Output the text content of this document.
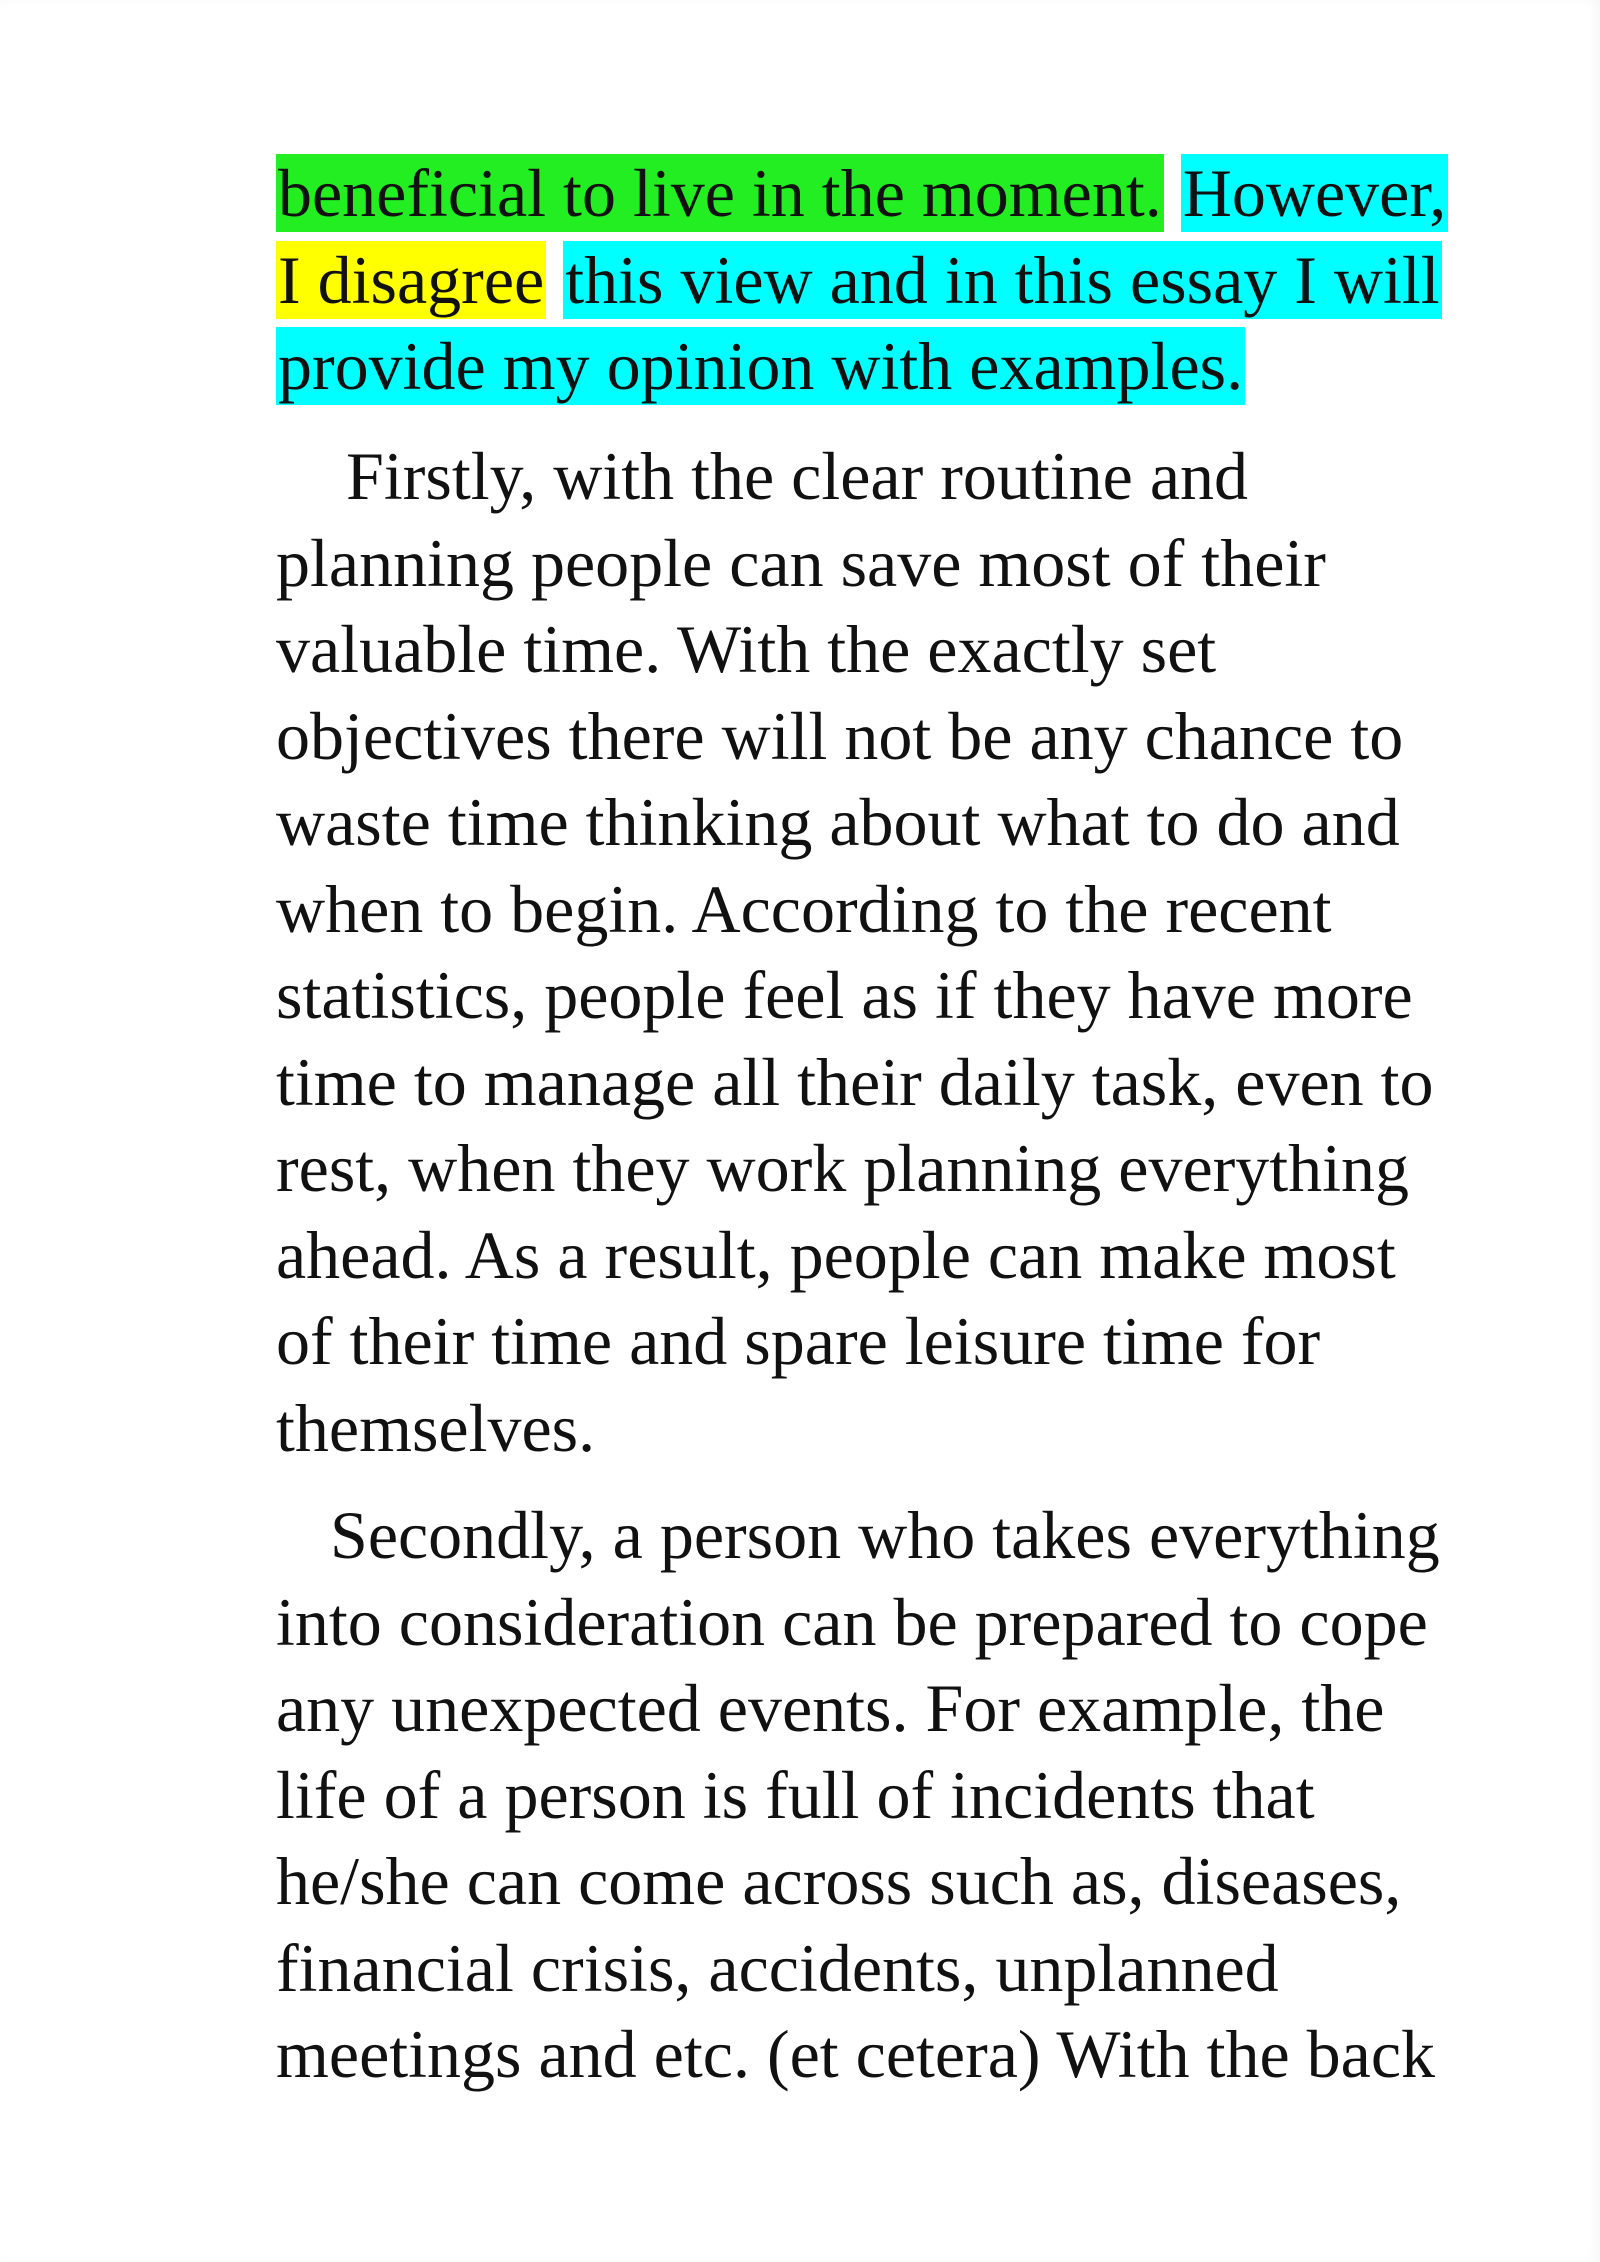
beneficial to live in the moment. However,
I disagree this view and in this essay I will
provide my opinion with examples.
Firstly, with the clear routine and
planning people can save most of their
valuable time. With the exactly set
objectives there will not be any chance to
waste time thinking about what to do and
when to begin. According to the recent
statistics, people feel as if they have more
time to manage all their daily task, even to
rest, when they work planning everything
ahead. As a result, people can make most
of their time and spare leisure time for
themselves.
Secondly, a person who takes everything
into consideration can be prepared to cope
any unexpected events. For example, the
life of a person is full of incidents that
he/she can come across such as, diseases,
financial crisis, accidents, unplanned
meetings and etc. (et cetera) With the back
